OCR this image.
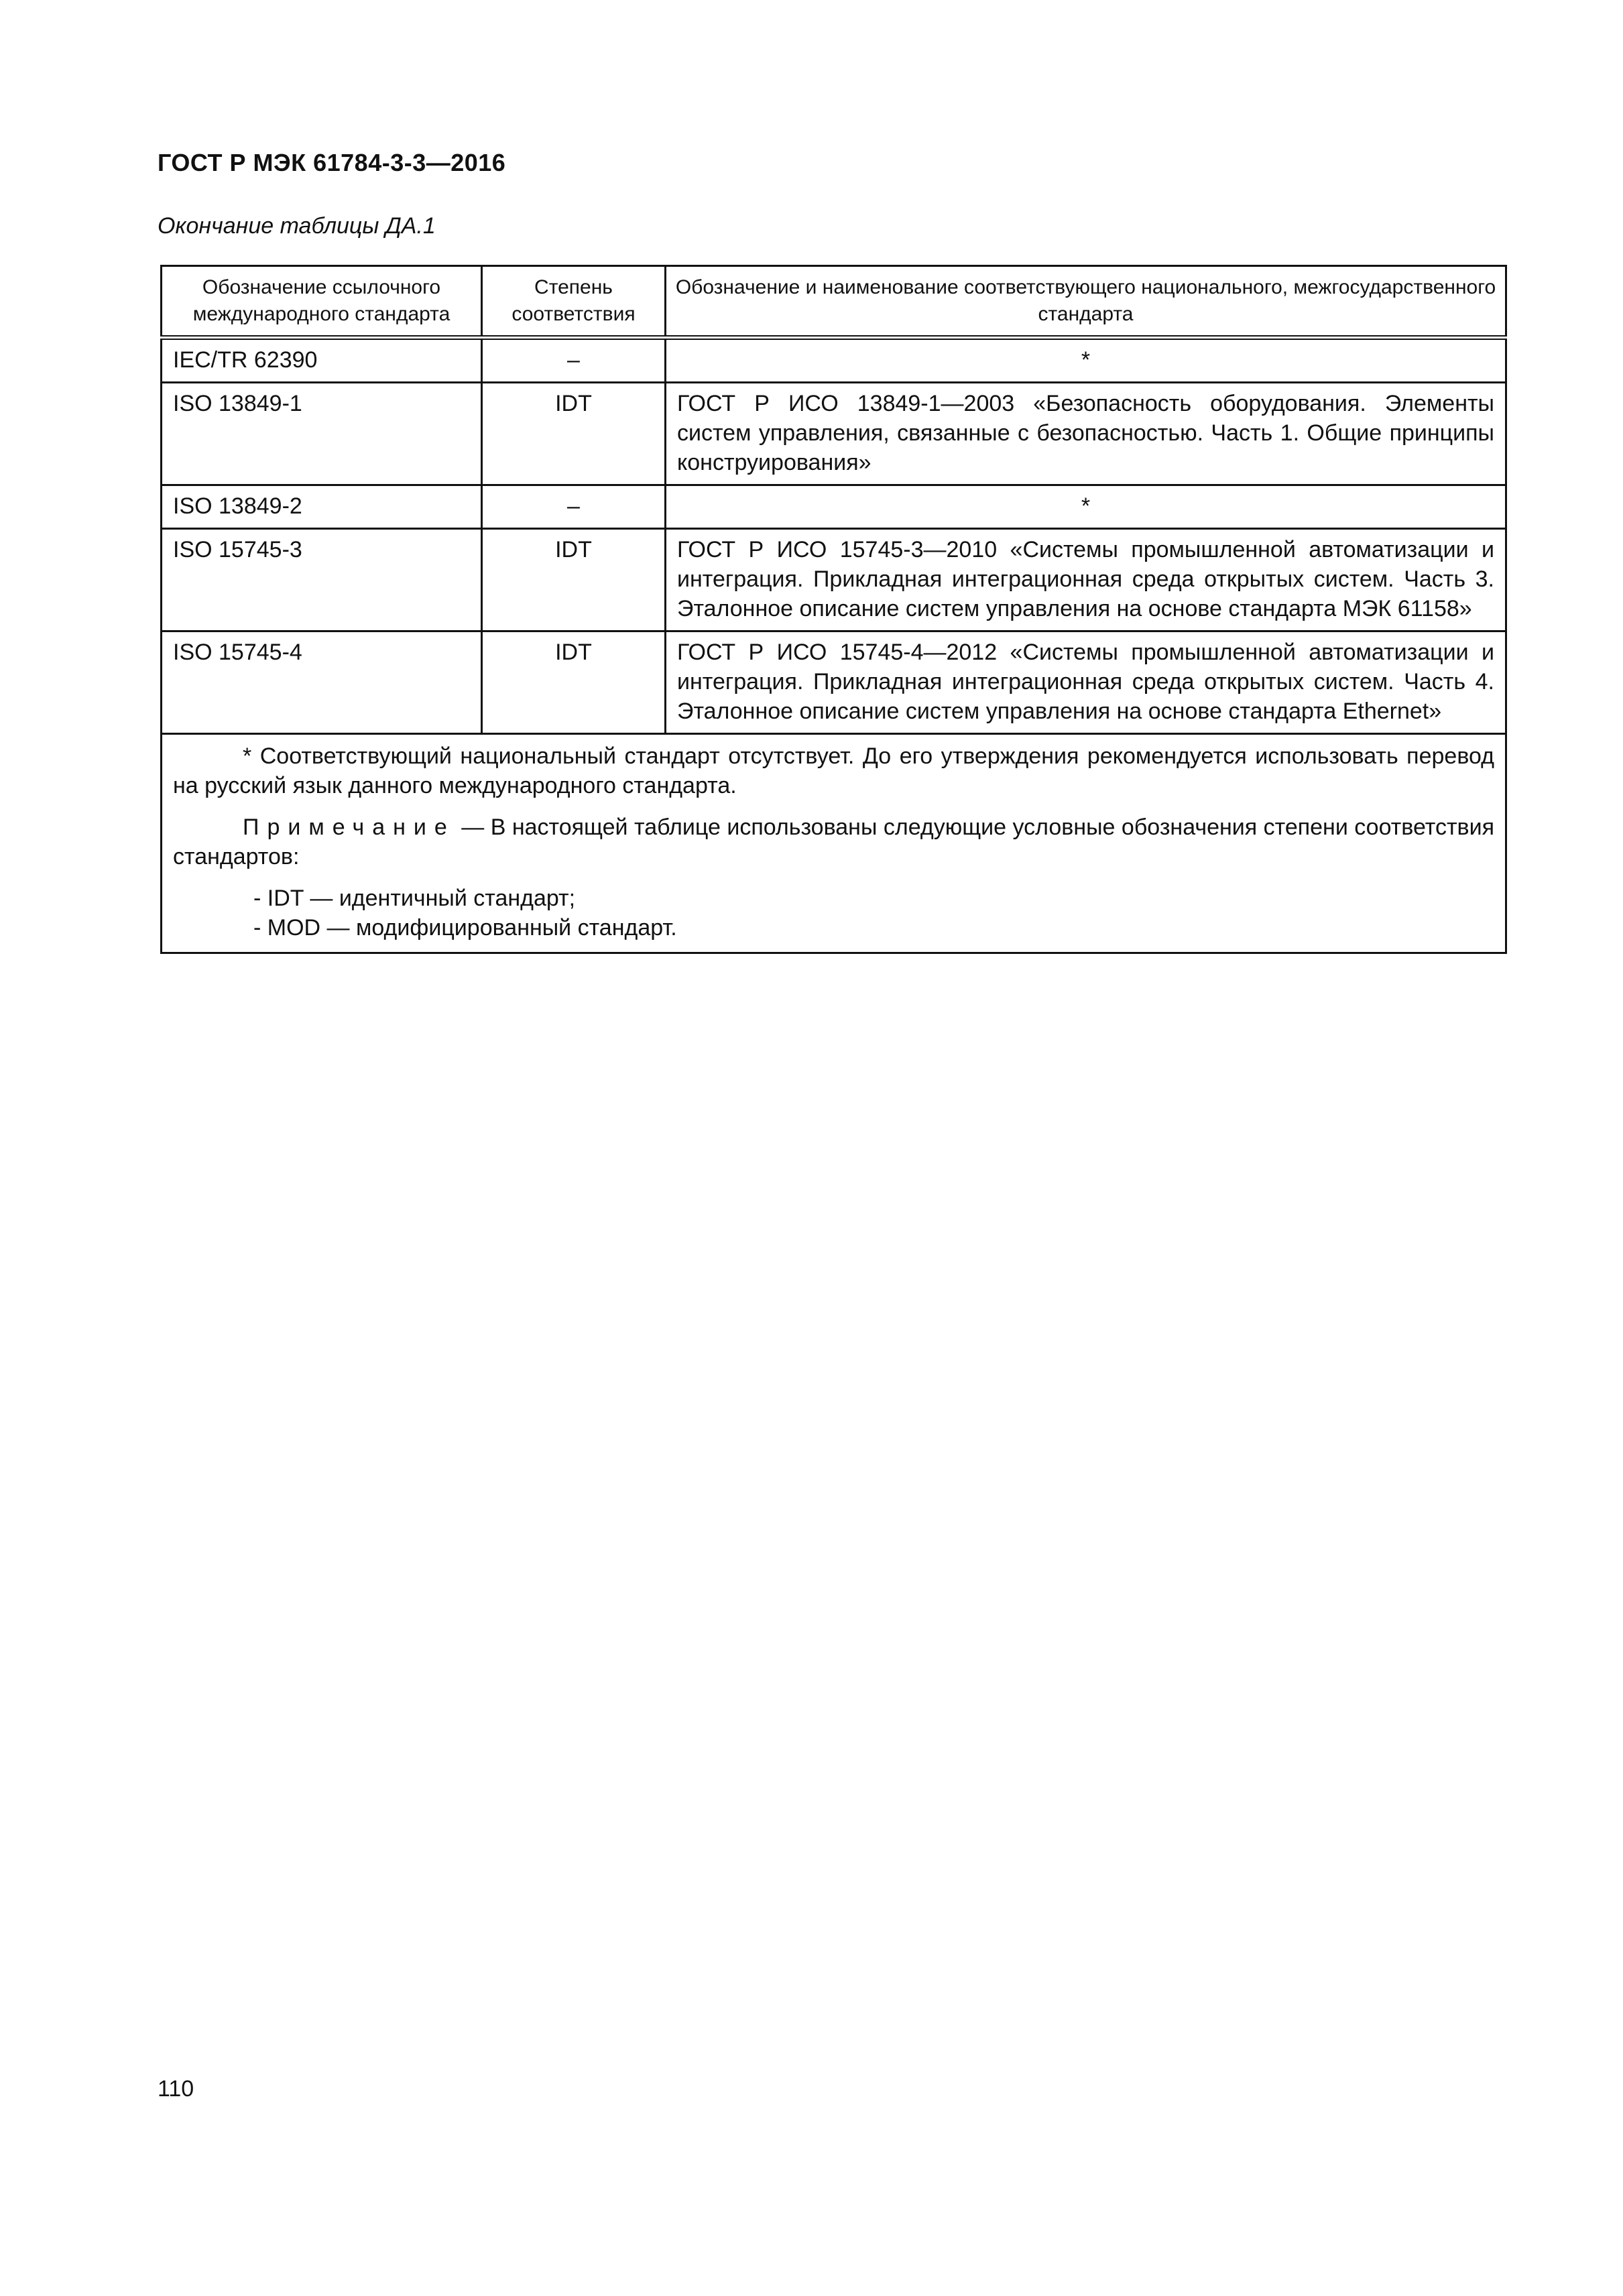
ГОСТ Р МЭК 61784-3-3—2016
Окончание таблицы ДА.1
Обозначение ссылочного международного стандарта	Степень соответствия	Обозначение и наименование соответствующего национального, межгосударственного стандарта
IEC/TR 62390	–	*
ISO 13849-1	IDT	ГОСТ Р ИСО 13849-1—2003 «Безопасность оборудования. Элементы систем управления, связанные с безопасностью. Часть 1. Общие принципы конструирования»
ISO 13849-2	–	*
ISO 15745-3	IDT	ГОСТ Р ИСО 15745-3—2010 «Системы промышленной автоматизации и интеграция. Прикладная интеграционная среда открытых систем. Часть 3. Эталонное описание систем управления на основе стандарта МЭК 61158»
ISO 15745-4	IDT	ГОСТ Р ИСО 15745-4—2012 «Системы промышленной автоматизации и интеграция. Прикладная интеграционная среда открытых систем. Часть 4. Эталонное описание систем управления на основе стандарта Ethernet»

* Соответствующий национальный стандарт отсутствует. До его утверждения рекомендуется использовать перевод на русский язык данного международного стандарта.

Примечание — В настоящей таблице использованы следующие условные обозначения степени соответствия стандартов:

- IDT — идентичный стандарт;
- MOD — модифицированный стандарт.		
110
